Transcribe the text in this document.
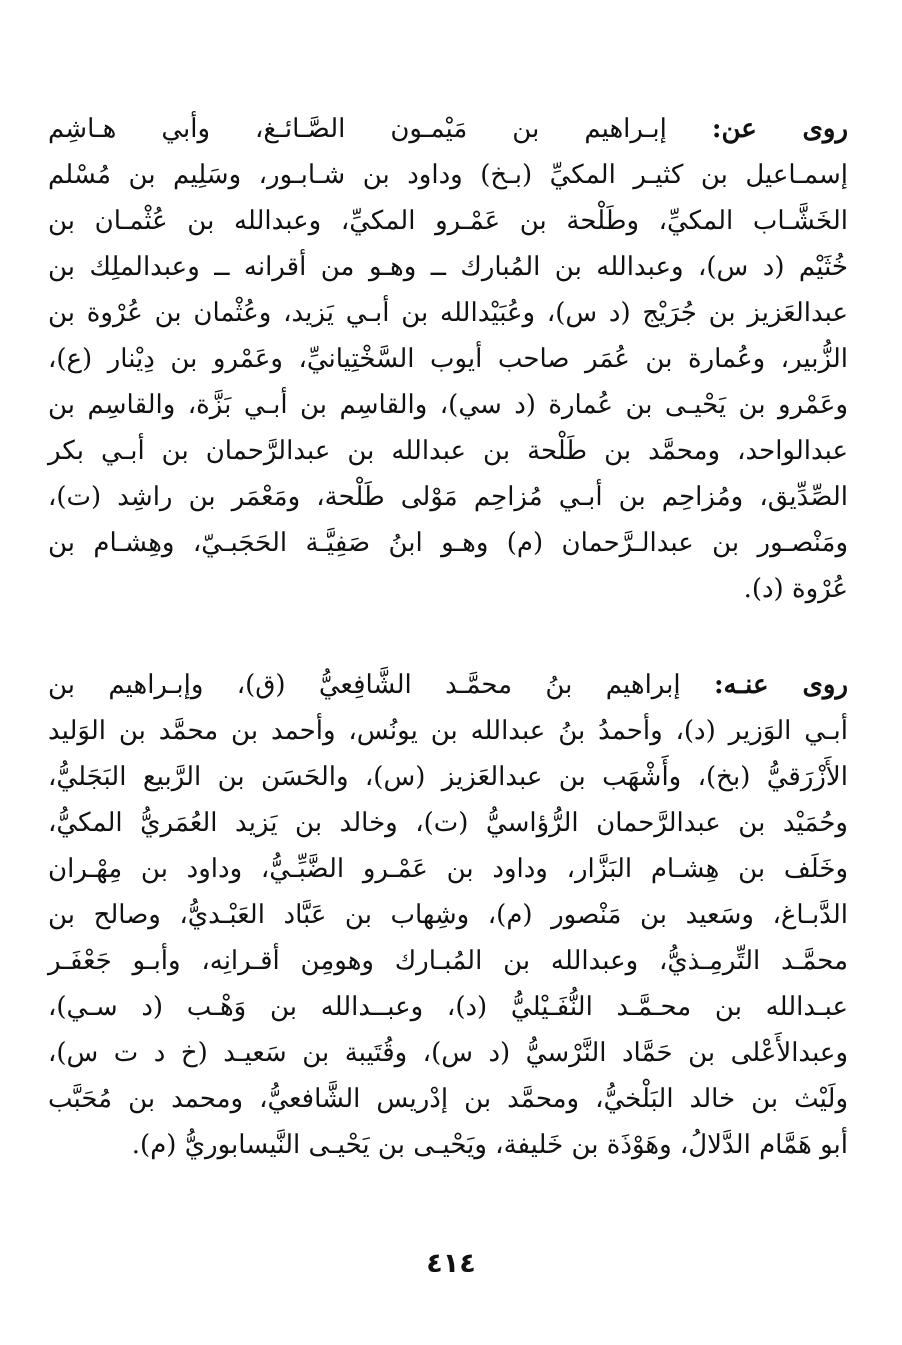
روى عن: إبـراهيم بن مَيْمـون الصَّـائـغ، وأبي هـاشِم
إسمـاعيل بن كثيـر المكيِّ (بـخ) وداود بن شـابـور، وسَلِيم بن مُسْلم
الخَشَّـاب المكيِّ، وطَلْحة بن عَمْـرو المكيِّ، وعبدالله بن عُثْمـان بن
خُثَيْم (د س)، وعبدالله بن المُبارك ــ وهـو من أقرانه ــ وعبدالملِك بن
عبدالعَزيز بن جُرَيْج (د س)، وعُبَيْدالله بن أبـي يَزيد، وعُثْمان بن عُرْوة بن
الزُّبير، وعُمارة بن عُمَر صاحب أيوب السَّخْتِيانيِّ، وعَمْرو بن دِيْنار (ع)،
وعَمْرو بن يَحْيـى بن عُمارة (د سي)، والقاسِم بن أبـي بَزَّة، والقاسِم بن
عبدالواحد، ومحمَّد بن طَلْحة بن عبدالله بن عبدالرَّحمان بن أبـي بكر
الصِّدِّيق، ومُزاحِم بن أبـي مُزاحِم مَوْلى طَلْحة، ومَعْمَر بن راشِد (ت)،
ومَنْصـور بن عبدالـرَّحمان (م) وهـو ابنُ صَفِيَّـة الحَجَبـيّ، وهِشـام بن
عُرْوة (د).
روى عنـه: إبراهيم بنُ محمَّـد الشَّافِعيُّ (ق)، وإبـراهيم بن
أبـي الوَزير (د)، وأحمدُ بنُ عبدالله بن يونُس، وأحمد بن محمَّد بن الوَليد
الأَزْرَقيُّ (بخ)، وأَشْهَب بن عبدالعَزيز (س)، والحَسَن بن الرَّبيع البَجَليُّ،
وحُمَيْد بن عبدالرَّحمان الرُّؤاسيُّ (ت)، وخالد بن يَزيد العُمَريُّ المكيُّ،
وخَلَف بن هِشـام البَزَّار، وداود بن عَمْـرو الضَّبِّـيُّ، وداود بن مِهْـران
الدَّبـاغ، وسَعيد بن مَنْصور (م)، وشِهاب بن عَبَّاد العَبْـديُّ، وصالح بن
محمَّـد التِّرمِـذيُّ، وعبدالله بن المُبـارك وهومِن أقـرانِه، وأبـو جَعْفَـر
عبـدالله بن محـمَّـد النُّفَـيْليُّ (د)، وعبــدالله بن وَهْـب (د سـي)،
وعبدالأَعْلى بن حَمَّاد النَّرْسيُّ (د س)، وقُتَيبة بن سَعيـد (خ د ت س)،
ولَيْث بن خالد البَلْخيُّ، ومحمَّد بن إدْريس الشَّافعيُّ، ومحمد بن مُحَبَّب
أبو هَمَّام الدَّلالُ، وهَوْذَة بن خَليفة، ويَحْيـى بن يَحْيـى النَّيسابوريُّ (م).
٤١٤
